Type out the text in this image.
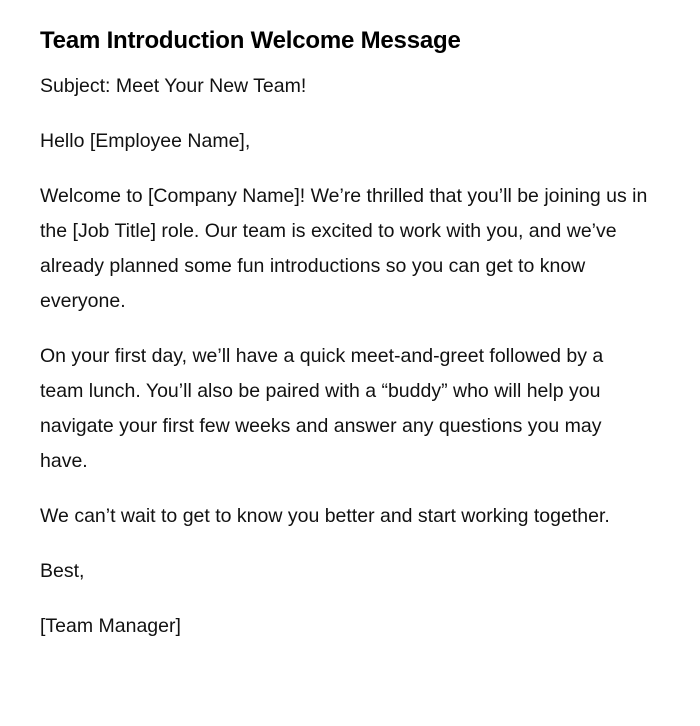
Team Introduction Welcome Message

Subject: Meet Your New Team!

Hello [Employee Name],

Welcome to [Company Name]! We’re thrilled that you’ll be joining us in the [Job Title] role. Our team is excited to work with you, and we’ve already planned some fun introductions so you can get to know everyone.

On your first day, we’ll have a quick meet-and-greet followed by a team lunch. You’ll also be paired with a “buddy” who will help you navigate your first few weeks and answer any questions you may have.

We can’t wait to get to know you better and start working together.

Best,

[Team Manager]
